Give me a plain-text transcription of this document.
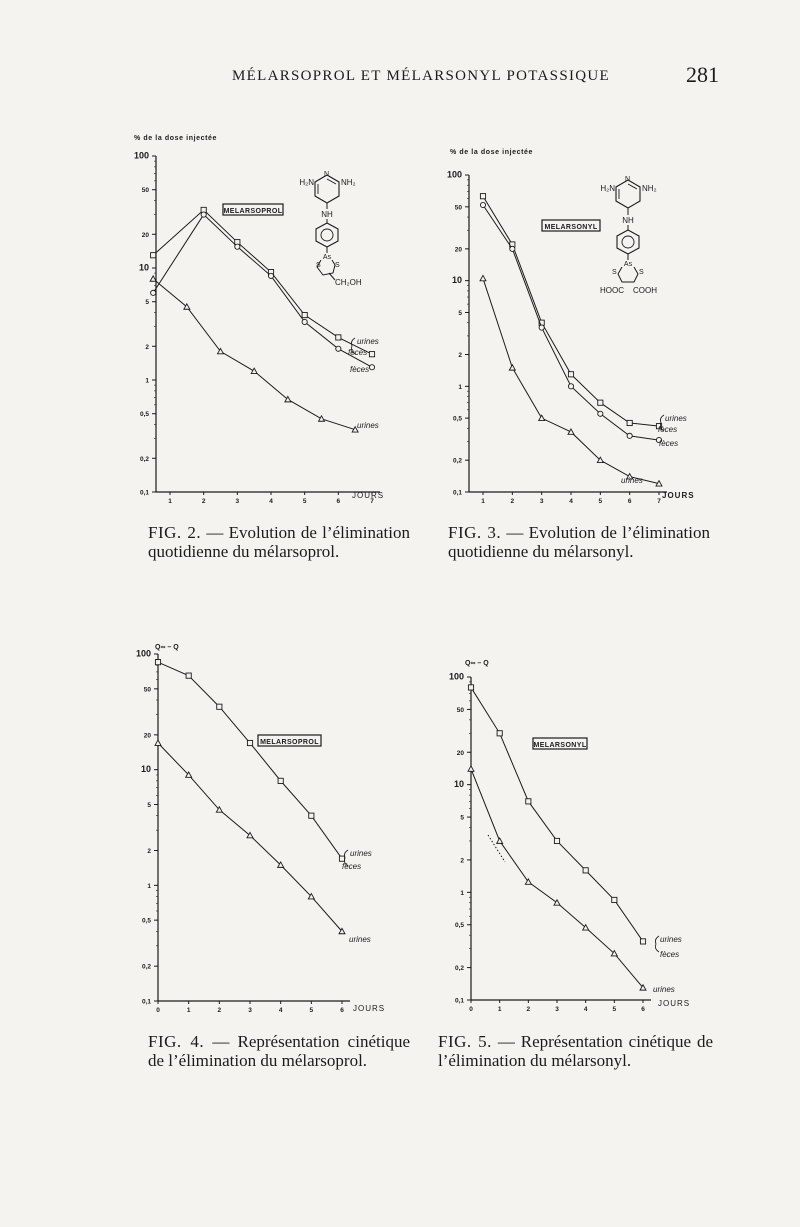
MÉLARSOPROL ET MÉLARSONYL POTASSIQUE	281
% de la dose injectée
0,1
0,2
0,5
1
2
5
10
20
50
100
1	2	3	4	5	6	7
urines
fèces
fèces
urines
MELARSOPROL
H₂N	NH₂
N
NH
As
S S
CH₂OH
JOURS
% de la dose injectée
0,1
0,2
0,5
1
2
5
10
20
50
100
1	2	3	4	5	6	7
urines
fèces
fèces
urines
MELARSONYL
H₂N	NH₂
N
NH
As
S	S
HOOC COOH
JOURS
Q∞ – Q
0,1
0,2
0,5
1
2
5
10
20
50
100
0	1	2	3	4	5	6
urines
fèces
urines
MELARSOPROL
JOURS
Q∞ – Q
0,1
0,2
0,5
1
2
5
10
20
50
100
0	1	2	3	4	5	6
urines
fèces
urines
MELARSONYL
JOURS
FIG. 2. — Evolution de l’élimination quotidienne du mélarsoprol.
FIG. 3. — Evolution de l’élimination quotidienne du mélarsonyl.
FIG. 4. — Représentation cinétique de l’élimination du mélarsoprol.
FIG. 5. — Représentation cinétique de l’élimination du mélarsonyl.
